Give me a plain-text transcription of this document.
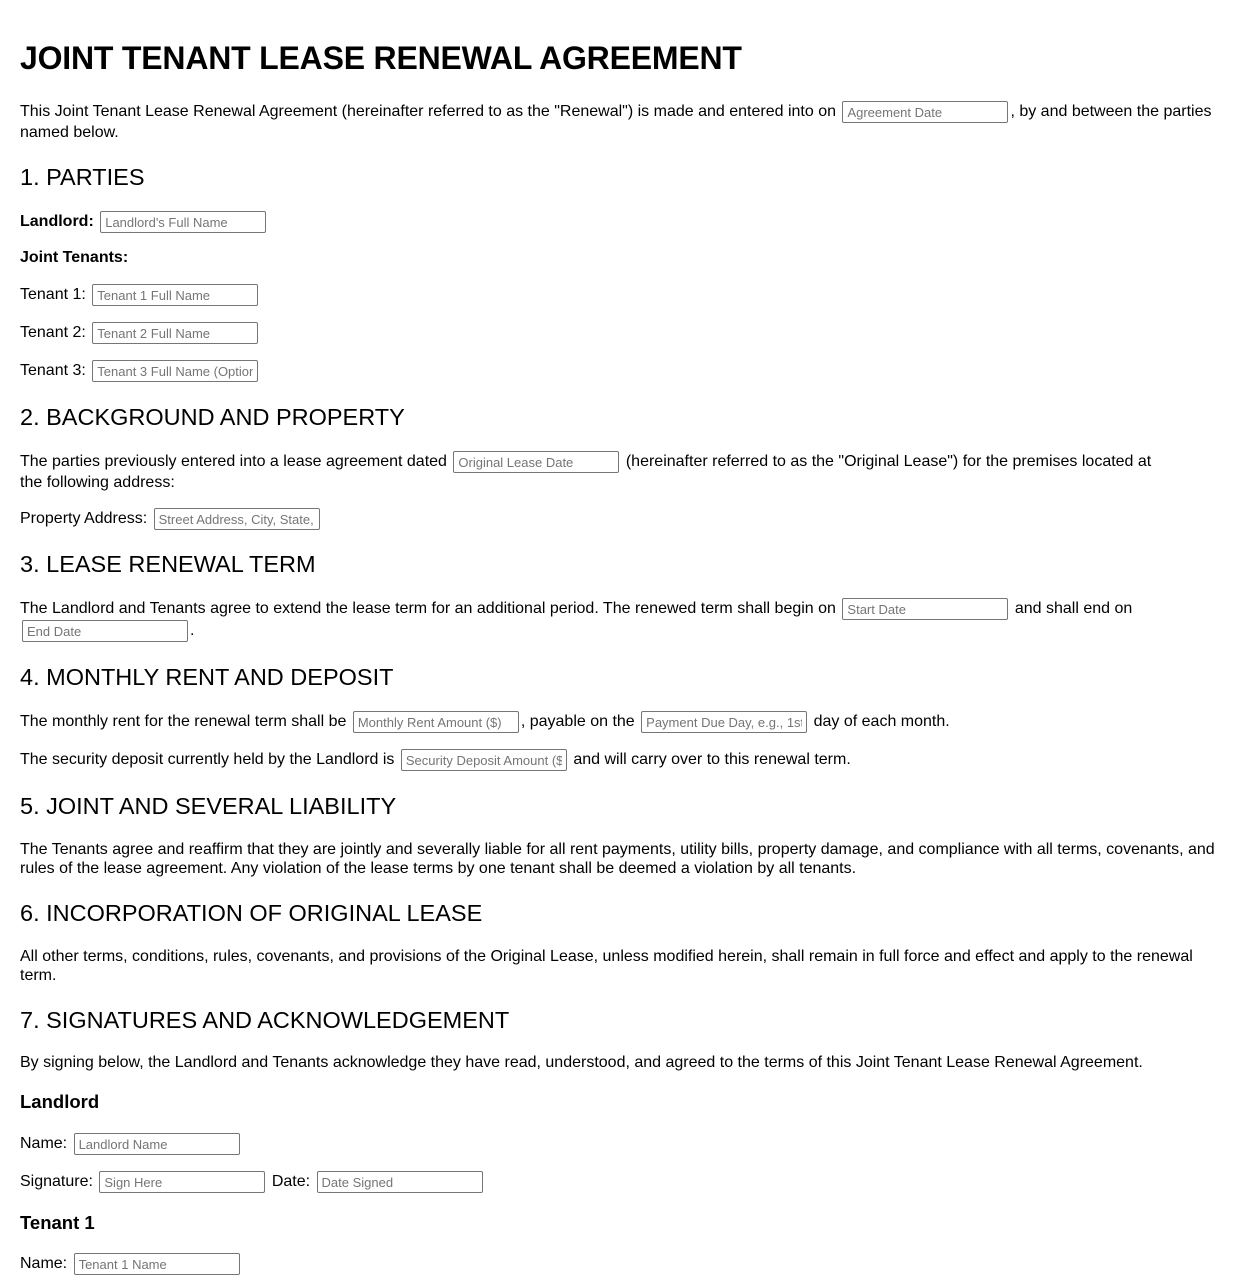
JOINT TENANT LEASE RENEWAL AGREEMENT
This Joint Tenant Lease Renewal Agreement (hereinafter referred to as the "Renewal") is made and entered into on Agreement Date	, by and between the parties named below.
1. PARTIES
Landlord: Landlord's Full Name
Joint Tenants:
Tenant 1: Tenant 1 Full Name
Tenant 2: Tenant 2 Full Name
Tenant 3: Tenant 3 Full Name (Optional)
2. BACKGROUND AND PROPERTY
The parties previously entered into a lease agreement dated Original Lease Date	(hereinafter referred to as the "Original Lease") for the premises located at the following address:
Property Address: Street Address, City, State, Zip
3. LEASE RENEWAL TERM
The Landlord and Tenants agree to extend the lease term for an additional period. The renewed term shall begin on Start Date	and shall end on End Date.
4. MONTHLY RENT AND DEPOSIT
The monthly rent for the renewal term shall be Monthly Rent Amount ($)	, payable on the Payment Due Day, e.g., 1st	day of each month.
The security deposit currently held by the Landlord is Security Deposit Amount ($)	and will carry over to this renewal term.
5. JOINT AND SEVERAL LIABILITY
The Tenants agree and reaffirm that they are jointly and severally liable for all rent payments, utility bills, property damage, and compliance with all terms, covenants, and rules of the lease agreement. Any violation of the lease terms by one tenant shall be deemed a violation by all tenants.
6. INCORPORATION OF ORIGINAL LEASE
All other terms, conditions, rules, covenants, and provisions of the Original Lease, unless modified herein, shall remain in full force and effect and apply to the renewal term.
7. SIGNATURES AND ACKNOWLEDGEMENT
By signing below, the Landlord and Tenants acknowledge they have read, understood, and agreed to the terms of this Joint Tenant Lease Renewal Agreement.
Landlord
Name: Landlord Name
Signature: Sign Here	Date: Date Signed
Tenant 1
Name: Tenant 1 Name
